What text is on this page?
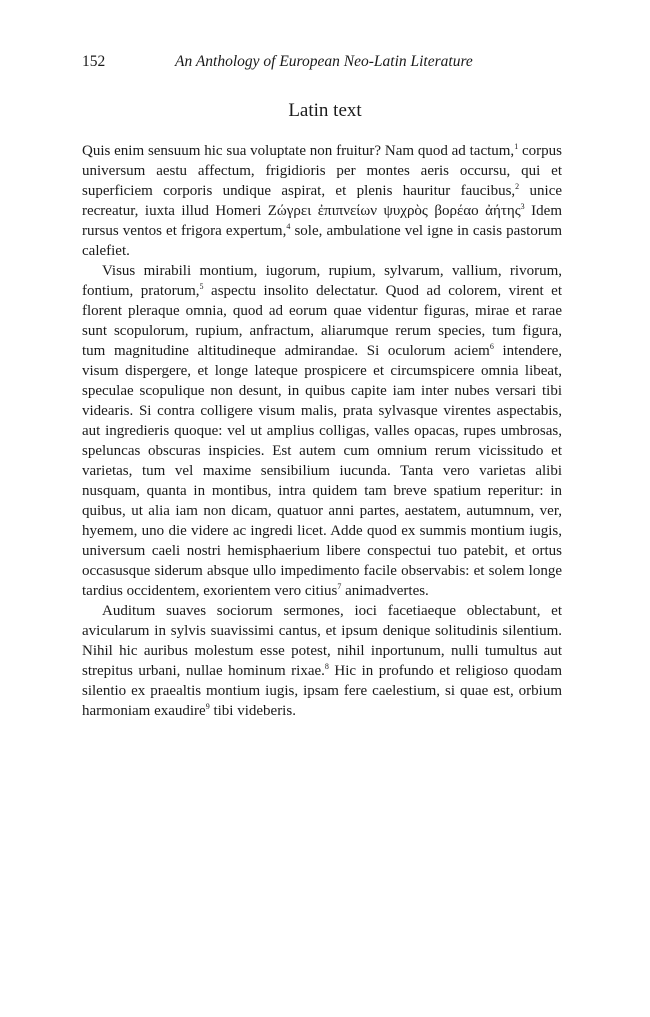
152	An Anthology of European Neo-Latin Literature
Latin text

Quis enim sensuum hic sua voluptate non fruitur? Nam quod ad tactum,$^1$ corpus universum aestu affectum, frigidioris per montes aeris occursu, qui et superficiem corporis undique aspirat, et plenis hauritur faucibus,$^2$ unice recreatur, iuxta illud Homeri Ζώγρει ἐπιπνείων ψυχρὸς βορέαο ἀήτης$^3$ Idem rursus ventos et frigora expertum,$^4$ sole, ambulatione vel igne in casis pastorum calefiet.

Visus mirabili montium, iugorum, rupium, sylvarum, vallium, rivorum, fontium, pratorum,$^5$ aspectu insolito delectatur. Quod ad colorem, virent et florent pleraque omnia, quod ad eorum quae videntur figuras, mirae et rarae sunt scopulorum, rupium, anfractum, aliarumque rerum species, tum figura, tum magnitudine altitudineque admirandae. Si oculorum aciem$^6$ intendere, visum dispergere, et longe lateque prospicere et circumspicere omnia libeat, speculae scopulique non desunt, in quibus capite iam inter nubes versari tibi videaris. Si contra colligere visum malis, prata sylvasque virentes aspectabis, aut ingredieris quoque: vel ut amplius colligas, valles opacas, rupes umbrosas, speluncas obscuras inspicies. Est autem cum omnium rerum vicissitudo et varietas, tum vel maxime sensibilium iucunda. Tanta vero varietas alibi nusquam, quanta in montibus, intra quidem tam breve spatium reperitur: in quibus, ut alia iam non dicam, quatuor anni partes, aestatem, autumnum, ver, hyemem, uno die videre ac ingredi licet. Adde quod ex summis montium iugis, universum caeli nostri hemisphaerium libere conspectui tuo patebit, et ortus occasusque siderum absque ullo impedimento facile observabis: et solem longe tardius occidentem, exorientem vero citius$^7$ animadvertes.

Auditum suaves sociorum sermones, ioci facetiaeque oblectabunt, et avicularum in sylvis suavissimi cantus, et ipsum denique solitudinis silentium. Nihil hic auribus molestum esse potest, nihil inportunum, nulli tumultus aut strepitus urbani, nullae hominum rixae.$^8$ Hic in profundo et religioso quodam silentio ex praealtis montium iugis, ipsam fere caelestium, si quae est, orbium harmoniam exaudire$^9$ tibi videberis.
